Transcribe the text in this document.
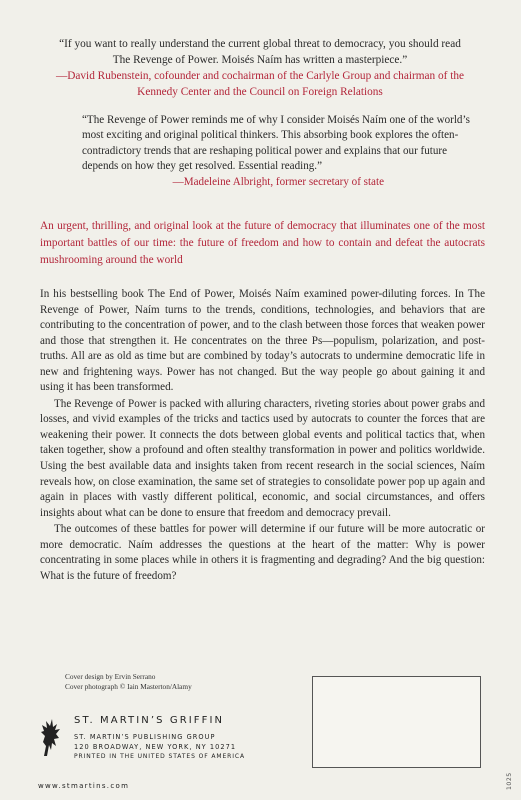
“If you want to really understand the current global threat to democracy, you should read The Revenge of Power. Moisés Naím has written a masterpiece.”
—David Rubenstein, cofounder and cochairman of the Carlyle Group and chairman of the Kennedy Center and the Council on Foreign Relations
“The Revenge of Power reminds me of why I consider Moisés Naím one of the world’s most exciting and original political thinkers. This absorbing book explores the often-contradictory trends that are reshaping political power and explains that our future depends on how they get resolved. Essential reading.”
—Madeleine Albright, former secretary of state
An urgent, thrilling, and original look at the future of democracy that illuminates one of the most important battles of our time: the future of freedom and how to contain and defeat the autocrats mushrooming around the world

In his bestselling book The End of Power, Moisés Naím examined power-diluting forces. In The Revenge of Power, Naím turns to the trends, conditions, technologies, and behaviors that are contributing to the concentration of power, and to the clash between those forces that weaken power and those that strengthen it. He concentrates on the three Ps—populism, polarization, and post-truths. All are as old as time but are combined by today’s autocrats to undermine democratic life in new and frightening ways. Power has not changed. But the way people go about gaining it and using it has been transformed.

The Revenge of Power is packed with alluring characters, riveting stories about power grabs and losses, and vivid examples of the tricks and tactics used by autocrats to counter the forces that are weakening their power. It connects the dots between global events and political tactics that, when taken together, show a profound and often stealthy transformation in power and politics worldwide. Using the best available data and insights taken from recent research in the social sciences, Naím reveals how, on close examination, the same set of strategies to consolidate power pop up again and again in places with vastly different political, economic, and social circumstances, and offers insights about what can be done to ensure that freedom and democracy prevail.

The outcomes of these battles for power will determine if our future will be more autocratic or more democratic. Naím addresses the questions at the heart of the matter: Why is power concentrating in some places while in others it is fragmenting and degrading? And the big question: What is the future of freedom?

Cover design by Ervin Serrano
Cover photograph © Iain Masterton/Alamy
ST. MARTIN’S GRIFFIN
ST. MARTIN’S PUBLISHING GROUP
120 BROADWAY, NEW YORK, NY 10271
PRINTED IN THE UNITED STATES OF AMERICA
www.stmartins.com	1025
